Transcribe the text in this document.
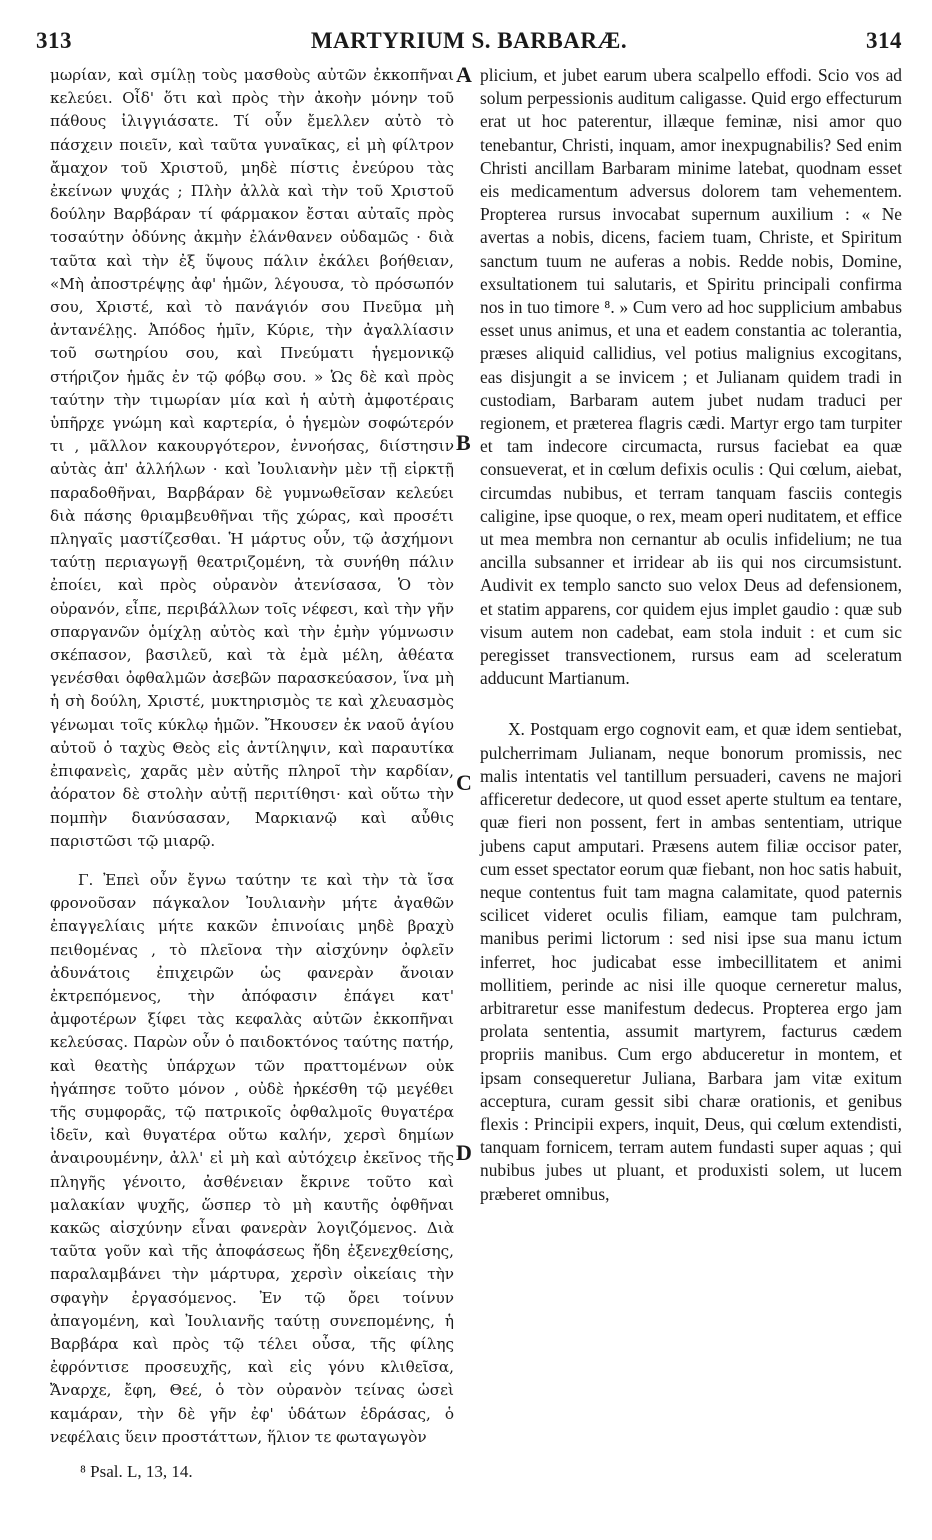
313	MARTYRIUM S. BARBARÆ.	314

μωρίαν, καὶ σμίλῃ τοὺς μασθοὺς αὐτῶν ἐκκοπῆναι κελεύει. Οἶδ' ὅτι καὶ πρὸς τὴν ἀκοὴν μόνην τοῦ πάθους ἰλιγγιάσατε. Τί οὖν ἔμελλεν αὐτὸ τὸ πάσχειν ποιεῖν, καὶ ταῦτα γυναῖκας, εἰ μὴ φίλτρον ἄμαχον τοῦ Χριστοῦ, μηδὲ πίστις ἐνεύρου τὰς ἐκείνων ψυχάς ; Πλὴν ἀλλὰ καὶ τὴν τοῦ Χριστοῦ δούλην Βαρβάραν τί φάρμακον ἔσται αὐταῖς πρὸς τοσαύτην ὀδύνης ἀκμὴν ἐλάνθανεν οὐδαμῶς · διὰ ταῦτα καὶ τὴν ἐξ ὕψους πάλιν ἐκάλει βοήθειαν, «Μὴ ἀποστρέψῃς ἀφ' ἡμῶν, λέγουσα, τὸ πρόσωπόν σου, Χριστέ, καὶ τὸ πανάγιόν σου Πνεῦμα μὴ ἀντανέλῃς. Ἀπόδος ἡμῖν, Κύριε, τὴν ἀγαλλίασιν τοῦ σωτηρίου σου, καὶ Πνεύματι ἡγεμονικῷ στήριζον ἡμᾶς ἐν τῷ φόβῳ σου. » Ὡς δὲ καὶ πρὸς ταύτην τὴν τιμωρίαν μία καὶ ἡ αὐτὴ ἀμφοτέραις ὑπῆρχε γνώμη καὶ καρτερία, ὁ ἡγεμὼν σοφώτερόν τι , μᾶλλον κακουργότερον, ἐννοήσας, διίστησιν αὐτὰς ἀπ' ἀλλήλων · καὶ Ἰουλιανὴν μὲν τῇ εἱρκτῇ παραδοθῆναι, Βαρβάραν δὲ γυμνωθεῖσαν κελεύει διὰ πάσης θριαμβευθῆναι τῆς χώρας, καὶ προσέτι πληγαῖς μαστίζεσθαι. Ἡ μάρτυς οὖν, τῷ ἀσχήμονι ταύτῃ περιαγωγῇ θεατριζομένη, τὰ συνήθη πάλιν ἐποίει, καὶ πρὸς οὐρανὸν ἀτενίσασα, Ὁ τὸν οὐρανόν, εἶπε, περιβάλλων τοῖς νέφεσι, καὶ τὴν γῆν σπαργανῶν ὁμίχλῃ αὐτὸς καὶ τὴν ἐμὴν γύμνωσιν σκέπασον, βασιλεῦ, καὶ τὰ ἐμὰ μέλη, ἀθέατα γενέσθαι ὀφθαλμῶν ἀσεβῶν παρασκεύασον, ἵνα μὴ ἡ σὴ δούλη, Χριστέ, μυκτηρισμὸς τε καὶ χλευασμὸς γένωμαι τοῖς κύκλῳ ἡμῶν. Ἤκουσεν ἐκ ναοῦ ἁγίου αὐτοῦ ὁ ταχὺς Θεὸς εἰς ἀντίληψιν, καὶ παραυτίκα ἐπιφανεὶς, χαρᾶς μὲν αὐτῆς πληροῖ τὴν καρδίαν, ἀόρατον δὲ στολὴν αὐτῇ περιτίθησι· καὶ οὕτω τὴν πομπὴν διανύσασαν, Μαρκιανῷ καὶ αὖθις παριστῶσι τῷ μιαρῷ.

Γ. Ἐπεὶ οὖν ἔγνω ταύτην τε καὶ τὴν τὰ ἴσα φρονοῦσαν πάγκαλον Ἰουλιανὴν μήτε ἀγαθῶν ἐπαγγελίαις μήτε κακῶν ἐπινοίαις μηδὲ βραχὺ πειθομένας , τὸ πλεῖονα τὴν αἰσχύνην ὀφλεῖν ἀδυνάτοις ἐπιχειρῶν ὡς φανερὰν ἄνοιαν ἐκτρεπόμενος, τὴν ἀπόφασιν ἐπάγει κατ' ἀμφοτέρων ξίφει τὰς κεφαλὰς αὐτῶν ἐκκοπῆναι κελεύσας. Παρὼν οὖν ὁ παιδοκτόνος ταύτης πατήρ, καὶ θεατὴς ὑπάρχων τῶν πραττομένων οὐκ ἠγάπησε τοῦτο μόνον , οὐδὲ ἠρκέσθη τῷ μεγέθει τῆς συμφορᾶς, τῷ πατρικοῖς ὀφθαλμοῖς θυγατέρα ἰδεῖν, καὶ θυγατέρα οὕτω καλήν, χερσὶ δημίων ἀναιρουμένην, ἀλλ' εἰ μὴ καὶ αὐτόχειρ ἐκεῖνος τῆς πληγῆς γένοιτο, ἀσθένειαν ἔκρινε τοῦτο καὶ μαλακίαν ψυχῆς, ὥσπερ τὸ μὴ καυτῆς ὀφθῆναι κακῶς αἰσχύνην εἶναι φανερὰν λογιζόμενος. Διὰ ταῦτα γοῦν καὶ τῆς ἀποφάσεως ἤδη ἐξενεχθείσης, παραλαμβάνει τὴν μάρτυρα, χερσὶν οἰκείαις τὴν σφαγὴν ἐργασόμενος. Ἐν τῷ ὄρει τοίνυν ἀπαγομένη, καὶ Ἰουλιανῆς ταύτῃ συνεπομένης, ἡ Βαρβάρα καὶ πρὸς τῷ τέλει οὖσα, τῆς φίλης ἐφρόντισε προσευχῆς, καὶ εἰς γόνυ κλιθεῖσα, Ἄναρχε, ἔφη, Θεέ, ὁ τὸν οὐρανὸν τείνας ὡσεὶ καμάραν, τὴν δὲ γῆν ἐφ' ὑδάτων ἑδράσας, ὁ νεφέλαις ὕειν προστάττων, ἥλιον τε φωταγωγὸν

A
B
C
D

plicium, et jubet earum ubera scalpello effodi. Scio vos ad solum perpessionis auditum caligasse. Quid ergo effecturum erat ut hoc paterentur, illæque feminæ, nisi amor quo tenebantur, Christi, inquam, amor inexpugnabilis? Sed enim Christi ancillam Barbaram minime latebat, quodnam esset eis medicamentum adversus dolorem tam vehementem. Propterea rursus invocabat supernum auxilium : « Ne avertas a nobis, dicens, faciem tuam, Christe, et Spiritum sanctum tuum ne auferas a nobis. Redde nobis, Domine, exsultationem tui salutaris, et Spiritu principali confirma nos in tuo timore ⁸. » Cum vero ad hoc supplicium ambabus esset unus animus, et una et eadem constantia ac tolerantia, præses aliquid callidius, vel potius malignius excogitans, eas disjungit a se invicem ; et Julianam quidem tradi in custodiam, Barbaram autem jubet nudam traduci per regionem, et præterea flagris cædi. Martyr ergo tam turpiter et tam indecore circumacta, rursus faciebat ea quæ consueverat, et in cœlum defixis oculis : Qui cœlum, aiebat, circumdas nubibus, et terram tanquam fasciis contegis caligine, ipse quoque, o rex, meam operi nuditatem, et effice ut mea membra non cernantur ab oculis infidelium; ne tua ancilla subsanner et irridear ab iis qui nos circumsistunt. Audivit ex templo sancto suo velox Deus ad defensionem, et statim apparens, cor quidem ejus implet gaudio : quæ sub visum autem non cadebat, eam stola induit : et cum sic peregisset transvectionem, rursus eam ad sceleratum adducunt Martianum.

X. Postquam ergo cognovit eam, et quæ idem sentiebat, pulcherrimam Julianam, neque bonorum promissis, nec malis intentatis vel tantillum persuaderi, cavens ne majori afficeretur dedecore, ut quod esset aperte stultum ea tentare, quæ fieri non possent, fert in ambas sententiam, utrique jubens caput amputari. Præsens autem filiæ occisor pater, cum esset spectator eorum quæ fiebant, non hoc satis habuit, neque contentus fuit tam magna calamitate, quod paternis scilicet videret oculis filiam, eamque tam pulchram, manibus perimi lictorum : sed nisi ipse sua manu ictum inferret, hoc judicabat esse imbecillitatem et animi mollitiem, perinde ac nisi ille quoque cerneretur malus, arbitraretur esse manifestum dedecus. Propterea ergo jam prolata sententia, assumit martyrem, facturus cædem propriis manibus. Cum ergo abduceretur in montem, et ipsam consequeretur Juliana, Barbara jam vitæ exitum acceptura, curam gessit sibi charæ orationis, et genibus flexis : Principii expers, inquit, Deus, qui cœlum extendisti, tanquam fornicem, terram autem fundasti super aquas ; qui nubibus jubes ut pluant, et produxisti solem, ut lucem præberet omnibus,

⁸ Psal. L, 13, 14.
